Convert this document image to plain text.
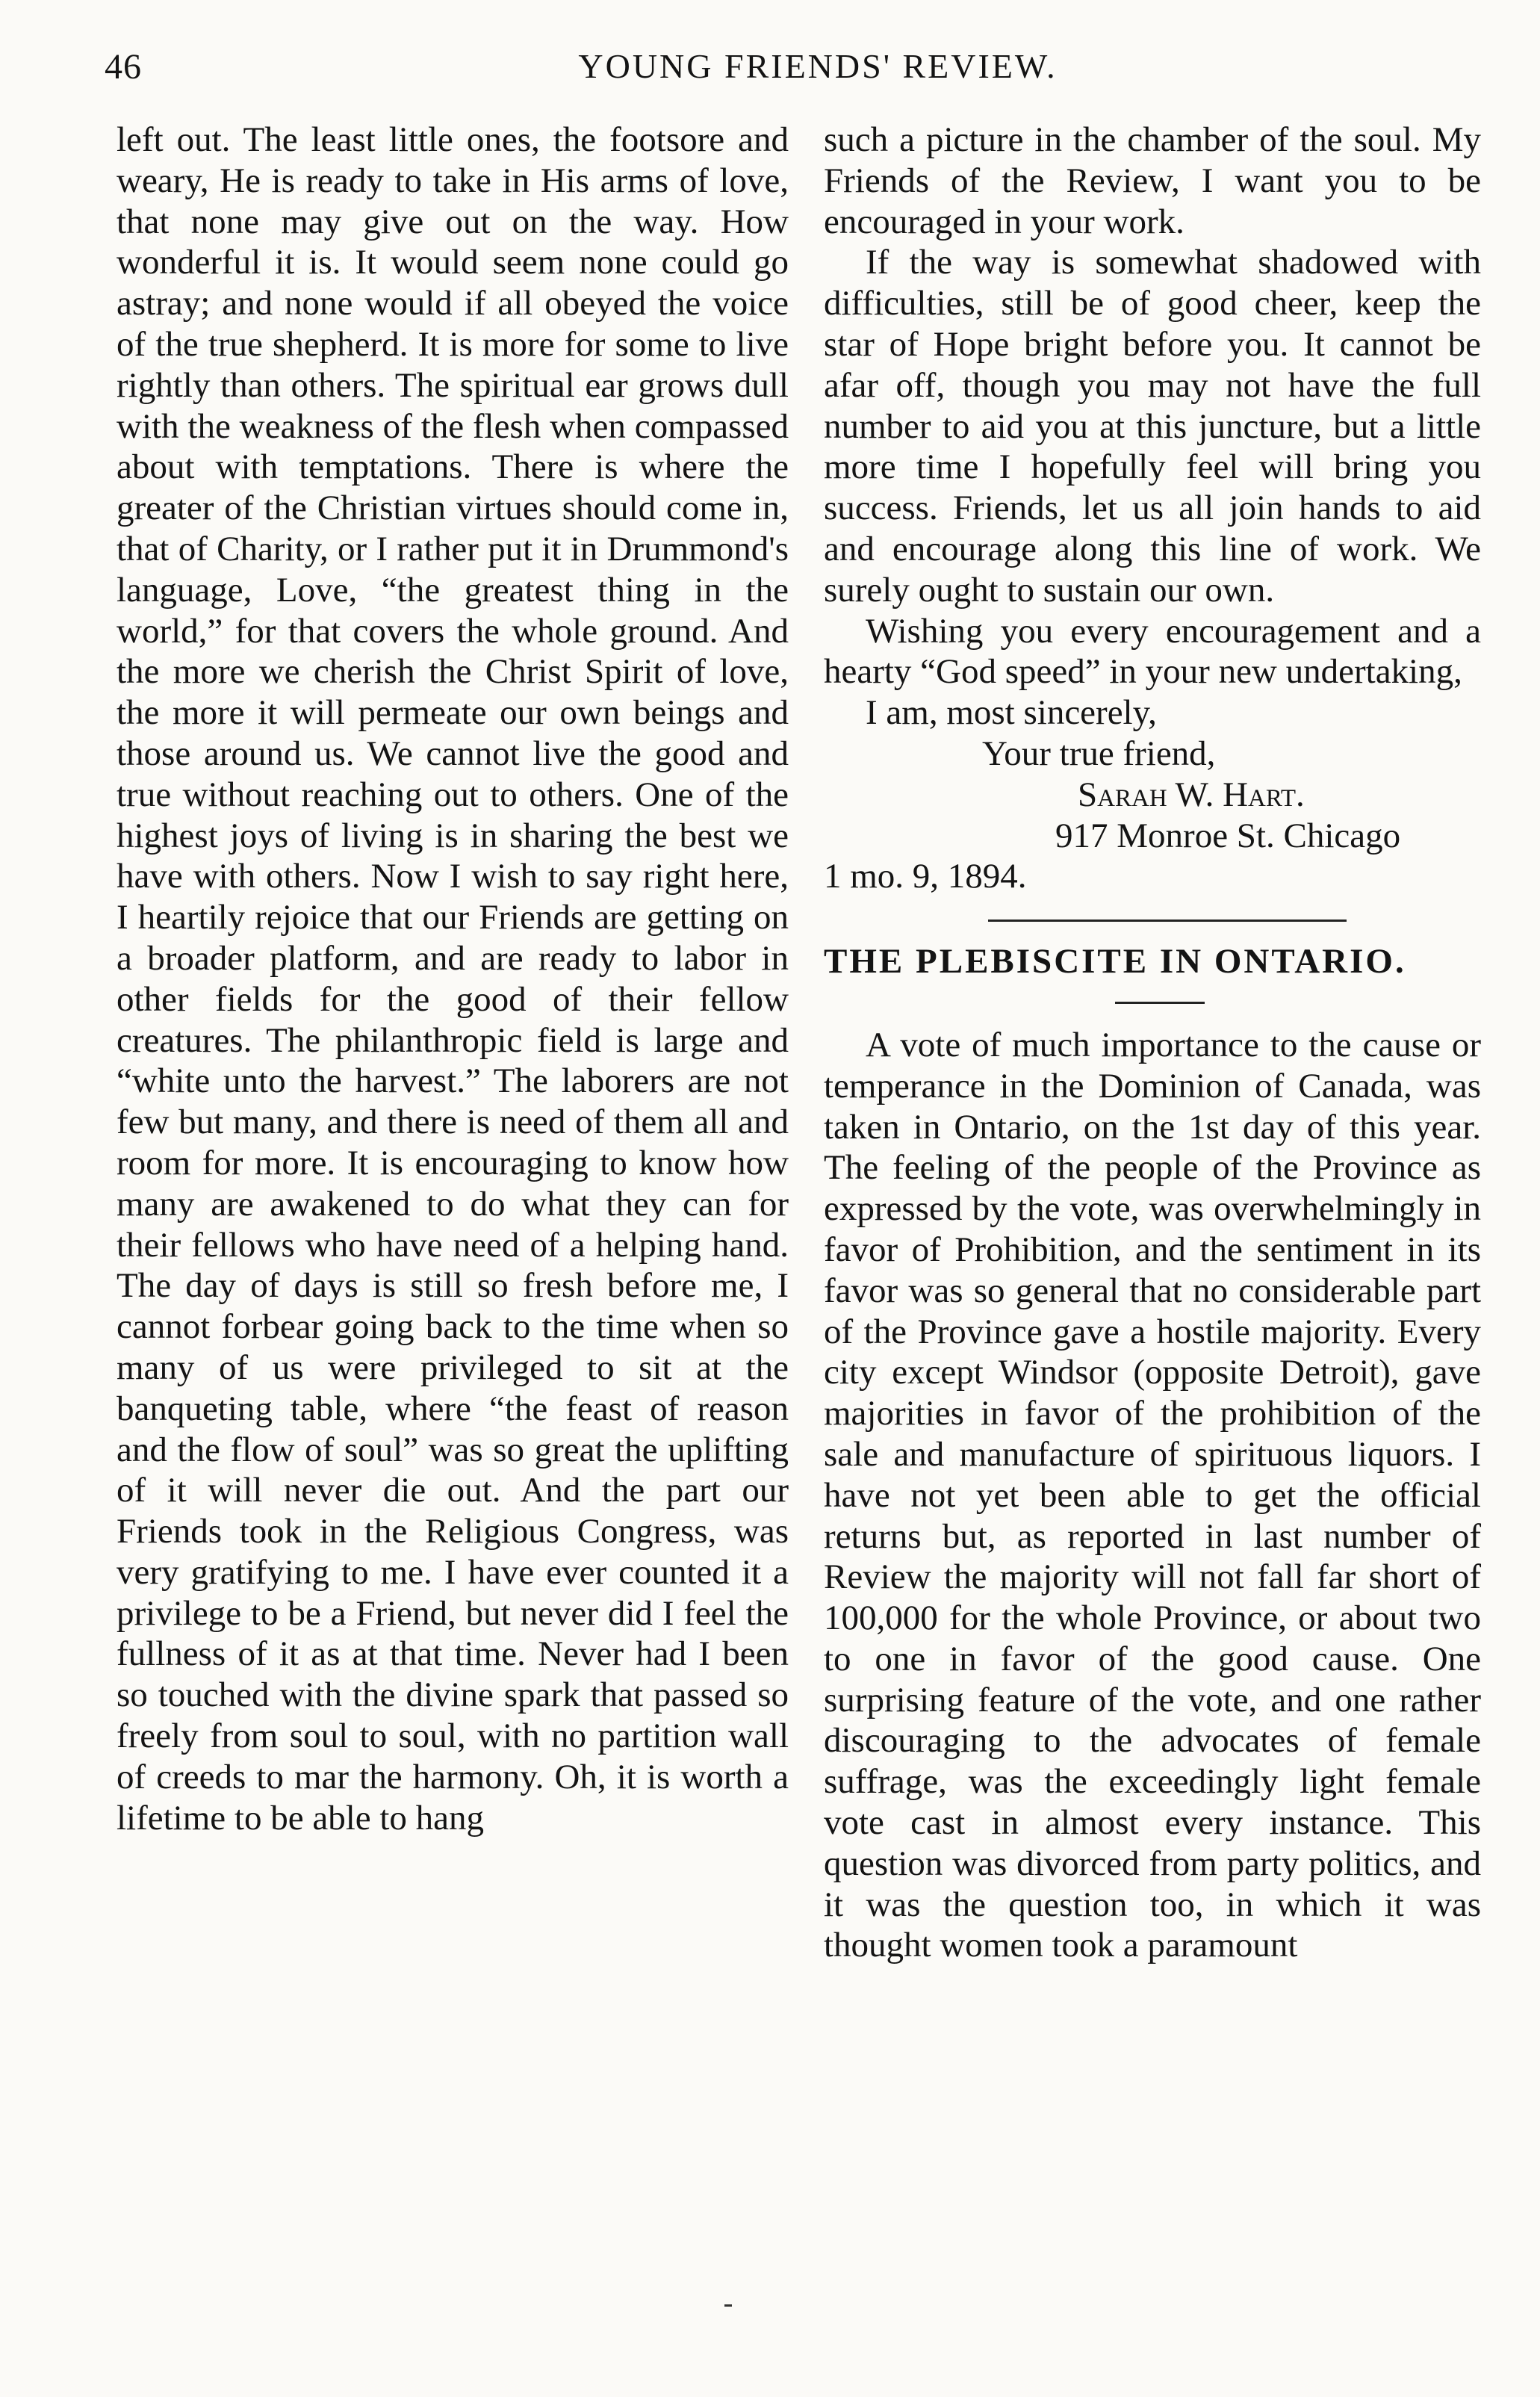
46	YOUNG FRIENDS' REVIEW.

left out. The least little ones, the footsore and weary, He is ready to take in His arms of love, that none may give out on the way. How wonderful it is. It would seem none could go astray; and none would if all obeyed the voice of the true shepherd. It is more for some to live rightly than others. The spiritual ear grows dull with the weakness of the flesh when compassed about with temptations. There is where the greater of the Christian virtues should come in, that of Charity, or I rather put it in Drummond's language, Love, “the greatest thing in the world,” for that covers the whole ground. And the more we cherish the Christ Spirit of love, the more it will permeate our own beings and those around us. We cannot live the good and true without reaching out to others. One of the highest joys of living is in sharing the best we have with others. Now I wish to say right here, I heartily rejoice that our Friends are getting on a broader platform, and are ready to labor in other fields for the good of their fellow creatures. The philanthropic field is large and “white unto the harvest.” The laborers are not few but many, and there is need of them all and room for more. It is encouraging to know how many are awakened to do what they can for their fellows who have need of a helping hand. The day of days is still so fresh before me, I cannot forbear going back to the time when so many of us were privileged to sit at the banqueting table, where “the feast of reason and the flow of soul” was so great the uplifting of it will never die out. And the part our Friends took in the Religious Congress, was very gratifying to me. I have ever counted it a privilege to be a Friend, but never did I feel the fullness of it as at that time. Never had I been so touched with the divine spark that passed so freely from soul to soul, with no partition wall of creeds to mar the harmony. Oh, it is worth a lifetime to be able to hang

such a picture in the chamber of the soul. My Friends of the Review, I want you to be encouraged in your work.

If the way is somewhat shadowed with difficulties, still be of good cheer, keep the star of Hope bright before you. It cannot be afar off, though you may not have the full number to aid you at this juncture, but a little more time I hopefully feel will bring you success. Friends, let us all join hands to aid and encourage along this line of work. We surely ought to sustain our own.

Wishing you every encouragement and a hearty “God speed” in your new undertaking,

I am, most sincerely,
Your true friend,
Sarah W. Hart.
917 Monroe St. Chicago
1 mo. 9, 1894.
THE PLEBISCITE IN ONTARIO.

A vote of much importance to the cause or temperance in the Dominion of Canada, was taken in Ontario, on the 1st day of this year. The feeling of the people of the Province as expressed by the vote, was overwhelmingly in favor of Prohibition, and the sentiment in its favor was so general that no considerable part of the Province gave a hostile majority. Every city except Windsor (opposite Detroit), gave majorities in favor of the prohibition of the sale and manufacture of spirituous liquors. I have not yet been able to get the official returns but, as reported in last number of Review the majority will not fall far short of 100,000 for the whole Province, or about two to one in favor of the good cause. One surprising feature of the vote, and one rather discouraging to the advocates of female suffrage, was the exceedingly light female vote cast in almost every instance. This question was divorced from party politics, and it was the question too, in which it was thought women took a paramount
